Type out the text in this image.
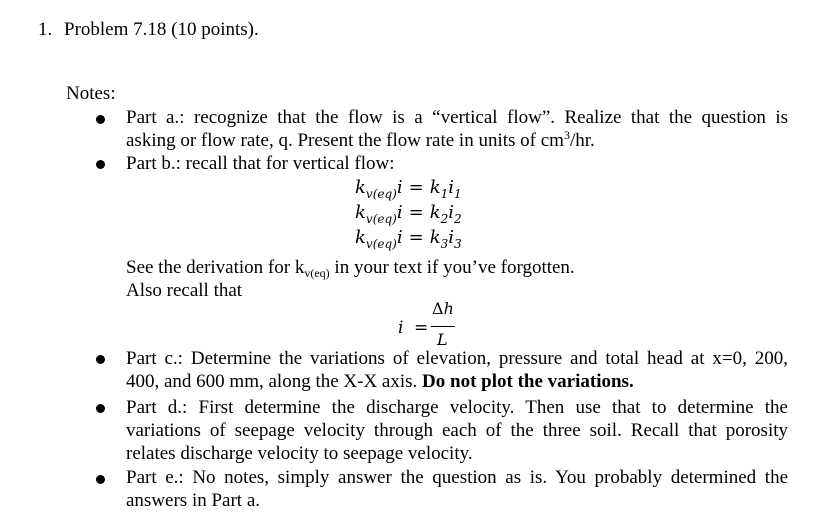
1. Problem 7.18 (10 points).
Notes:
Part a.: recognize that the flow is a “vertical flow”. Realize that the question is
asking or flow rate, q. Present the flow rate in units of $cm^3/hr$.
Part b.: recall that for vertical flow:
$k_{v(eq)}i = k_1i_1$
$k_{v(eq)}i = k_2i_2$
$k_{v(eq)}i = k_3i_3$
See the derivation for $k_{v(eq)}$ in your text if you’ve forgotten.
Also recall that
i =
Δh
L
Part c.: Determine the variations of elevation, pressure and total head at x=0, 200,
400, and 600 mm, along the X-X axis. Do not plot the variations.
Part d.: First determine the discharge velocity. Then use that to determine the
variations of seepage velocity through each of the three soil. Recall that porosity
relates discharge velocity to seepage velocity.
Part e.: No notes, simply answer the question as is. You probably determined the
answers in Part a.
